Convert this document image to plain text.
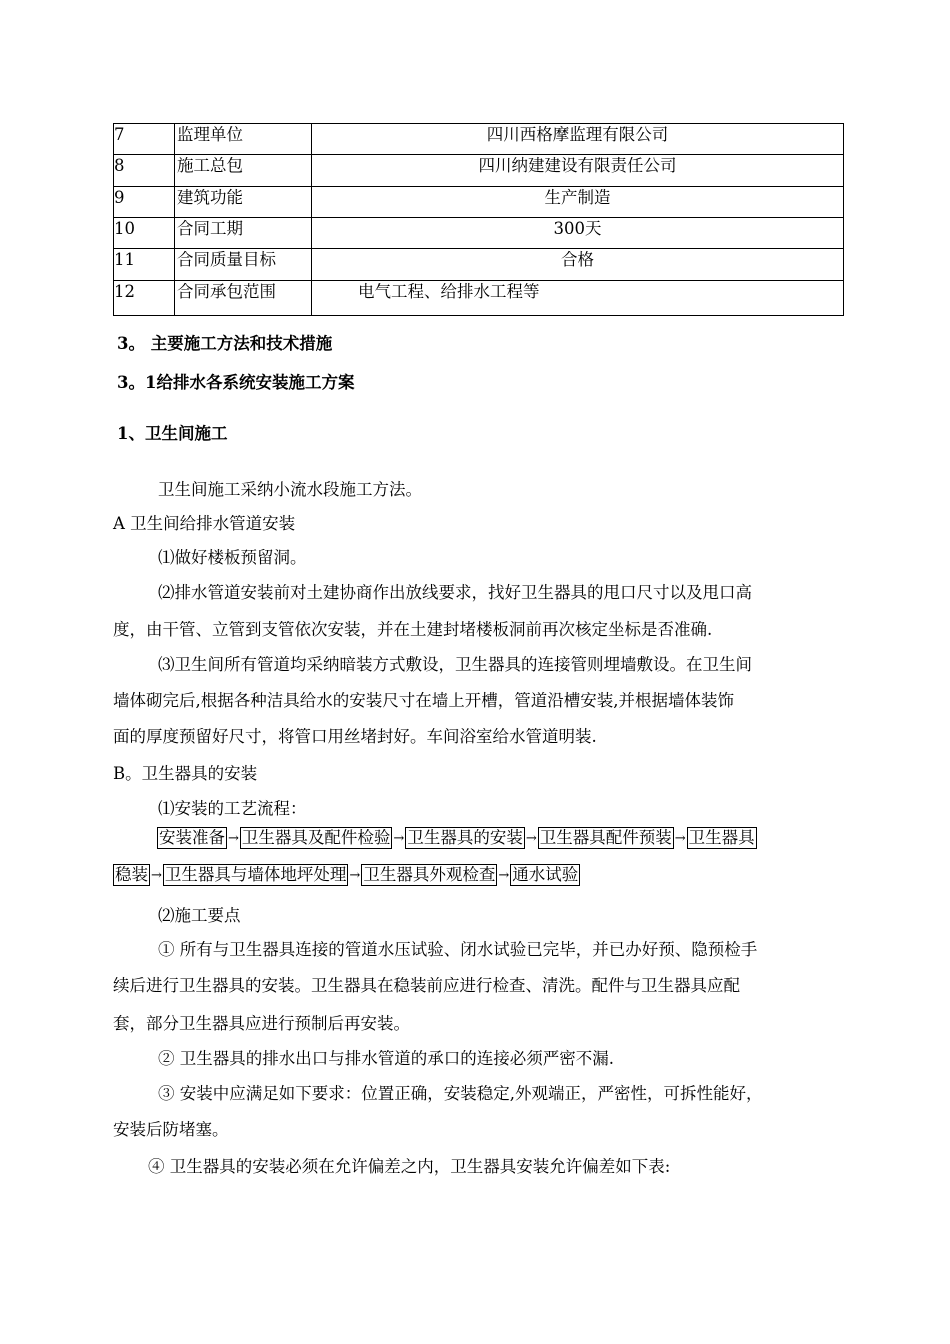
7	监理单位	四川西格摩监理有限公司
8	施工总包	四川纳建建设有限责任公司
9	建筑功能	生产制造
10	合同工期	300天
11	合同质量目标	合格
12	合同承包范围	电气工程、给排水工程等
3。 主要施工方法和技术措施
3。1给排水各系统安装施工方案
1、卫生间施工
卫生间施工采纳小流水段施工方法。
A 卫生间给排水管道安装
⑴做好楼板预留洞。
⑵排水管道安装前对土建协商作出放线要求，找好卫生器具的甩口尺寸以及甩口高
度，由干管、立管到支管依次安装，并在土建封堵楼板洞前再次核定坐标是否准确.
⑶卫生间所有管道均采纳暗装方式敷设，卫生器具的连接管则埋墙敷设。在卫生间
墙体砌完后,根据各种洁具给水的安装尺寸在墙上开槽，管道沿槽安装,并根据墙体装饰
面的厚度预留好尺寸，将管口用丝堵封好。车间浴室给水管道明装.
B。卫生器具的安装
⑴安装的工艺流程：
安装准备 → 卫生器具及配件检验 → 卫生器具的安装 → 卫生器具配件预装 → 卫生器具
稳装 → 卫生器具与墙体地坪处理 → 卫生器具外观检查 → 通水试验
⑵施工要点
① 所有与卫生器具连接的管道水压试验、闭水试验已完毕，并已办好预、隐预检手
续后进行卫生器具的安装。卫生器具在稳装前应进行检查、清洗。配件与卫生器具应配
套，部分卫生器具应进行预制后再安装。
② 卫生器具的排水出口与排水管道的承口的连接必须严密不漏.
③ 安装中应满足如下要求：位置正确，安装稳定,外观端正，严密性，可拆性能好，
安装后防堵塞。
④ 卫生器具的安装必须在允许偏差之内，卫生器具安装允许偏差如下表:
